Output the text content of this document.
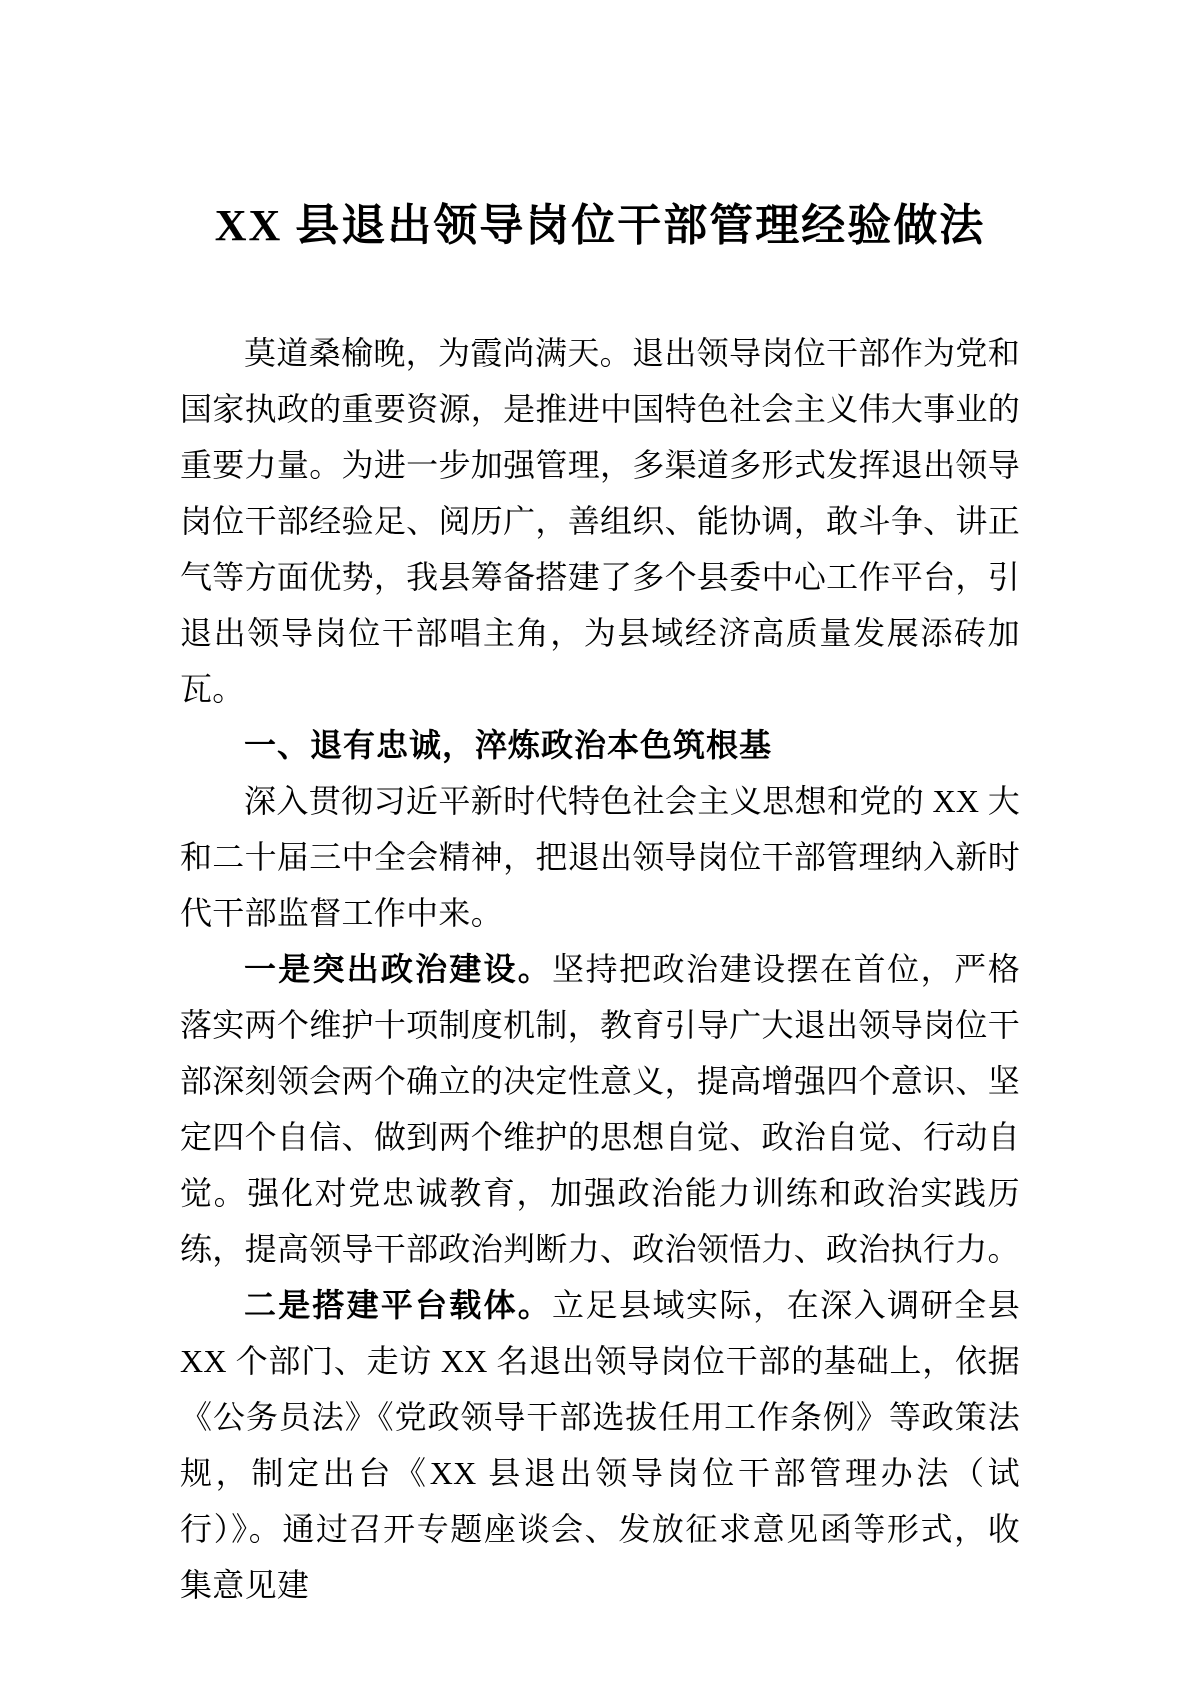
XX 县退出领导岗位干部管理经验做法

莫道桑榆晚，为霞尚满天。退出领导岗位干部作为党和国家执政的重要资源，是推进中国特色社会主义伟大事业的重要力量。为进一步加强管理，多渠道多形式发挥退出领导岗位干部经验足、阅历广，善组织、能协调，敢斗争、讲正气等方面优势，我县筹备搭建了多个县委中心工作平台，引退出领导岗位干部唱主角，为县域经济高质量发展添砖加瓦。

一、退有忠诚，淬炼政治本色筑根基

深入贯彻习近平新时代特色社会主义思想和党的 XX 大和二十届三中全会精神，把退出领导岗位干部管理纳入新时代干部监督工作中来。

一是突出政治建设。坚持把政治建设摆在首位，严格落实两个维护十项制度机制，教育引导广大退出领导岗位干部深刻领会两个确立的决定性意义，提高增强四个意识、坚定四个自信、做到两个维护的思想自觉、政治自觉、行动自觉。强化对党忠诚教育，加强政治能力训练和政治实践历练，提高领导干部政治判断力、政治领悟力、政治执行力。

二是搭建平台载体。立足县域实际，在深入调研全县 XX 个部门、走访 XX 名退出领导岗位干部的基础上，依据《公务员法》《党政领导干部选拔任用工作条例》等政策法规，制定出台《XX 县退出领导岗位干部管理办法（试行）》。通过召开专题座谈会、发放征求意见函等形式，收集意见建
